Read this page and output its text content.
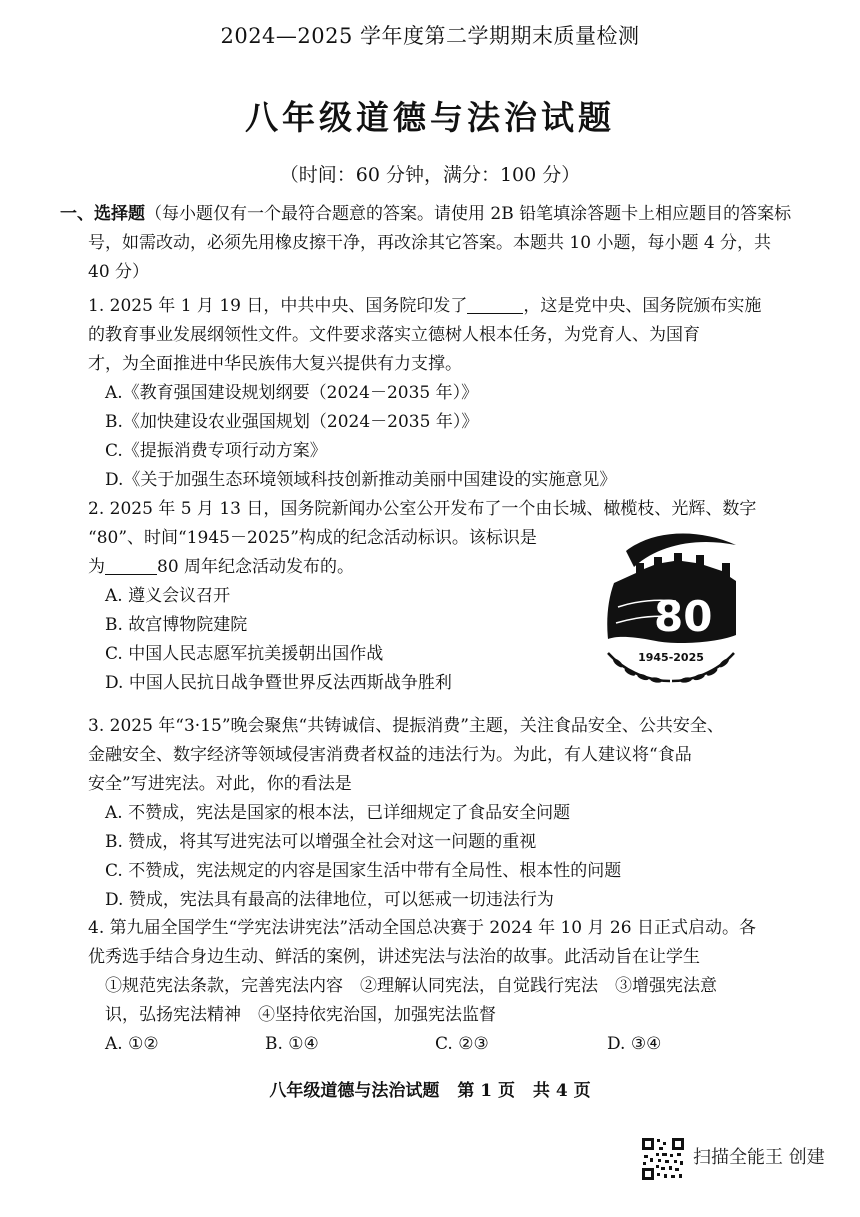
2024—2025 学年度第二学期期末质量检测
八年级道德与法治试题
（时间：60 分钟，满分：100 分）
一、选择题（每小题仅有一个最符合题意的答案。请使用 2B 铅笔填涂答题卡上相应题目的答案标号，如需改动，必须先用橡皮擦干净，再改涂其它答案。本题共 10 小题，每小题 4 分，共 40 分）

1. 2025 年 1 月 19 日，中共中央、国务院印发了	，这是党中央、国务院颁布实施

的教育事业发展纲领性文件。文件要求落实立德树人根本任务，为党育人、为国育

才，为全面推进中华民族伟大复兴提供有力支撑。

A.《教育强国建设规划纲要（2024－2035 年）》

B.《加快建设农业强国规划（2024－2035 年）》

C.《提振消费专项行动方案》

D.《关于加强生态环境领域科技创新推动美丽中国建设的实施意见》

2. 2025 年 5 月 13 日，国务院新闻办公室公开发布了一个由长城、橄榄枝、光辉、数字

“80”、时间“1945－2025”构成的纪念活动标识。该标识是

为	80 周年纪念活动发布的。

A. 遵义会议召开

B. 故宫博物院建院

C. 中国人民志愿军抗美援朝出国作战

D. 中国人民抗日战争暨世界反法西斯战争胜利

80
1945-2025

3. 2025 年“3·15”晚会聚焦“共铸诚信、提振消费”主题，关注食品安全、公共安全、

金融安全、数字经济等领域侵害消费者权益的违法行为。为此，有人建议将“食品

安全”写进宪法。对此，你的看法是

A. 不赞成，宪法是国家的根本法，已详细规定了食品安全问题

B. 赞成，将其写进宪法可以增强全社会对这一问题的重视

C. 不赞成，宪法规定的内容是国家生活中带有全局性、根本性的问题

D. 赞成，宪法具有最高的法律地位，可以惩戒一切违法行为

4. 第九届全国学生“学宪法讲宪法”活动全国总决赛于 2024 年 10 月 26 日正式启动。各

优秀选手结合身边生动、鲜活的案例，讲述宪法与法治的故事。此活动旨在让学生

①规范宪法条款，完善宪法内容　②理解认同宪法，自觉践行宪法　③增强宪法意

识，弘扬宪法精神　④坚持依宪治国，加强宪法监督

A. ①②	B. ①④	C. ②③	D. ③④
八年级道德与法治试题 第 1 页 共 4 页
扫描全能王 创建
